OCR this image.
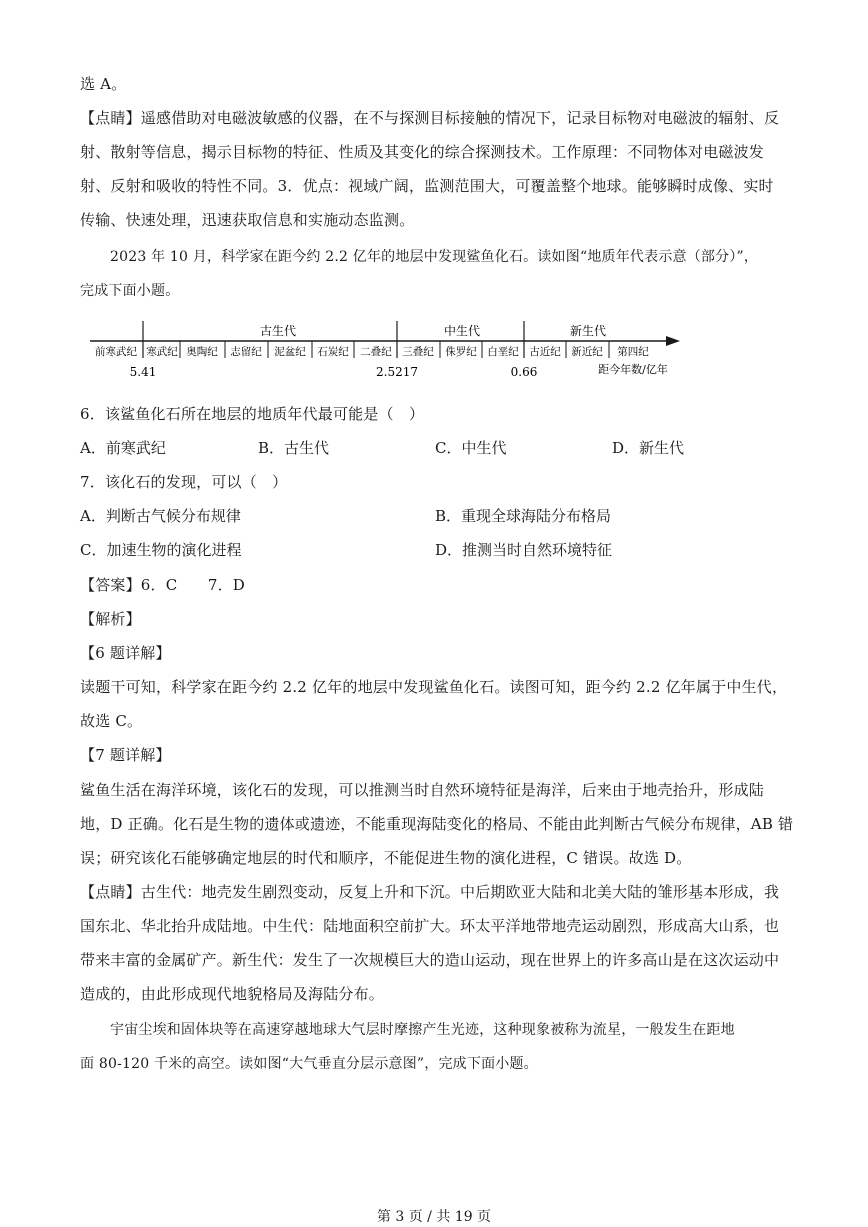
选 A。
【点睛】遥感借助对电磁波敏感的仪器，在不与探测目标接触的情况下，记录目标物对电磁波的辐射、反
射、散射等信息，揭示目标物的特征、性质及其变化的综合探测技术。工作原理：不同物体对电磁波发
射、反射和吸收的特性不同。3．优点：视域广阔，监测范围大，可覆盖整个地球。能够瞬时成像、实时
传输、快速处理，迅速获取信息和实施动态监测。
2023 年 10 月，科学家在距今约 2.2 亿年的地层中发现鲨鱼化石。读如图“地质年代表示意（部分）”，
完成下面小题。
古生代	中生代	新生代
前寒武纪 寒武纪 奥陶纪 志留纪 泥盆纪 石炭纪 二叠纪 三叠纪 侏罗纪 白垩纪 古近纪 新近纪 第四纪
5.41	2.5217	0.66	距今年数/亿年
6．该鲨鱼化石所在地层的地质年代最可能是（　）
A．前寒武纪	B．古生代	C．中生代	D．新生代
7．该化石的发现，可以（　）
A．判断古气候分布规律	B．重现全球海陆分布格局
C．加速生物的演化进程	D．推测当时自然环境特征
【答案】6．C　　7．D
【解析】
【6 题详解】
读题干可知，科学家在距今约 2.2 亿年的地层中发现鲨鱼化石。读图可知，距今约 2.2 亿年属于中生代，
故选 C。
【7 题详解】
鲨鱼生活在海洋环境，该化石的发现，可以推测当时自然环境特征是海洋，后来由于地壳抬升，形成陆
地，D 正确。化石是生物的遗体或遗迹，不能重现海陆变化的格局、不能由此判断古气候分布规律，AB 错
误；研究该化石能够确定地层的时代和顺序，不能促进生物的演化进程，C 错误。故选 D。
【点睛】古生代：地壳发生剧烈变动，反复上升和下沉。中后期欧亚大陆和北美大陆的雏形基本形成，我
国东北、华北抬升成陆地。中生代：陆地面积空前扩大。环太平洋地带地壳运动剧烈，形成高大山系，也
带来丰富的金属矿产。新生代：发生了一次规模巨大的造山运动，现在世界上的许多高山是在这次运动中
造成的，由此形成现代地貌格局及海陆分布。
宇宙尘埃和固体块等在高速穿越地球大气层时摩擦产生光迹，这种现象被称为流星，一般发生在距地
面 80-120 千米的高空。读如图“大气垂直分层示意图”，完成下面小题。
第 3 页 / 共 19 页
